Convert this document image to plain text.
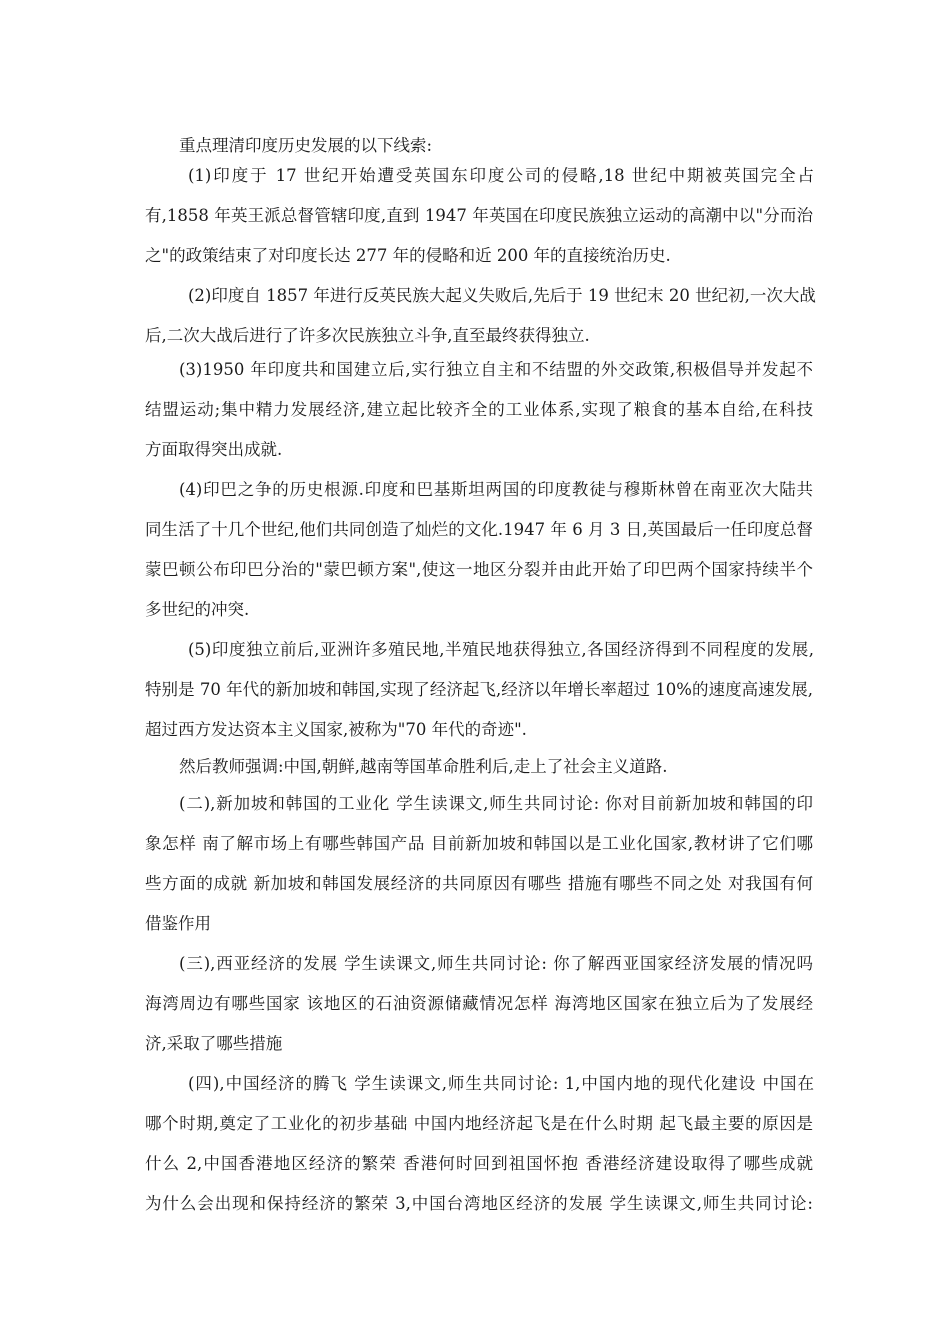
重点理清印度历史发展的以下线索:
(1)印度于 17 世纪开始遭受英国东印度公司的侵略,18 世纪中期被英国完全占
有,1858 年英王派总督管辖印度,直到 1947 年英国在印度民族独立运动的高潮中以"分而治
之"的政策结束了对印度长达 277 年的侵略和近 200 年的直接统治历史.
(2)印度自 1857 年进行反英民族大起义失败后,先后于 19 世纪末 20 世纪初,一次大战
后,二次大战后进行了许多次民族独立斗争,直至最终获得独立.
(3)1950 年印度共和国建立后,实行独立自主和不结盟的外交政策,积极倡导并发起不
结盟运动;集中精力发展经济,建立起比较齐全的工业体系,实现了粮食的基本自给,在科技
方面取得突出成就.
(4)印巴之争的历史根源.印度和巴基斯坦两国的印度教徒与穆斯林曾在南亚次大陆共
同生活了十几个世纪,他们共同创造了灿烂的文化.1947 年 6 月 3 日,英国最后一任印度总督
蒙巴顿公布印巴分治的"蒙巴顿方案",使这一地区分裂并由此开始了印巴两个国家持续半个
多世纪的冲突.
(5)印度独立前后,亚洲许多殖民地,半殖民地获得独立,各国经济得到不同程度的发展,
特别是 70 年代的新加坡和韩国,实现了经济起飞,经济以年增长率超过 10%的速度高速发展,
超过西方发达资本主义国家,被称为"70 年代的奇迹".
然后教师强调:中国,朝鲜,越南等国革命胜利后,走上了社会主义道路.
(二),新加坡和韩国的工业化 学生读课文,师生共同讨论: 你对目前新加坡和韩国的印
象怎样 南了解市场上有哪些韩国产品 目前新加坡和韩国以是工业化国家,教材讲了它们哪
些方面的成就 新加坡和韩国发展经济的共同原因有哪些 措施有哪些不同之处 对我国有何
借鉴作用
(三),西亚经济的发展 学生读课文,师生共同讨论: 你了解西亚国家经济发展的情况吗
海湾周边有哪些国家 该地区的石油资源储藏情况怎样 海湾地区国家在独立后为了发展经
济,采取了哪些措施
(四),中国经济的腾飞 学生读课文,师生共同讨论: 1,中国内地的现代化建设 中国在
哪个时期,奠定了工业化的初步基础 中国内地经济起飞是在什么时期 起飞最主要的原因是
什么 2,中国香港地区经济的繁荣 香港何时回到祖国怀抱 香港经济建设取得了哪些成就
为什么会出现和保持经济的繁荣 3,中国台湾地区经济的发展 学生读课文,师生共同讨论:
